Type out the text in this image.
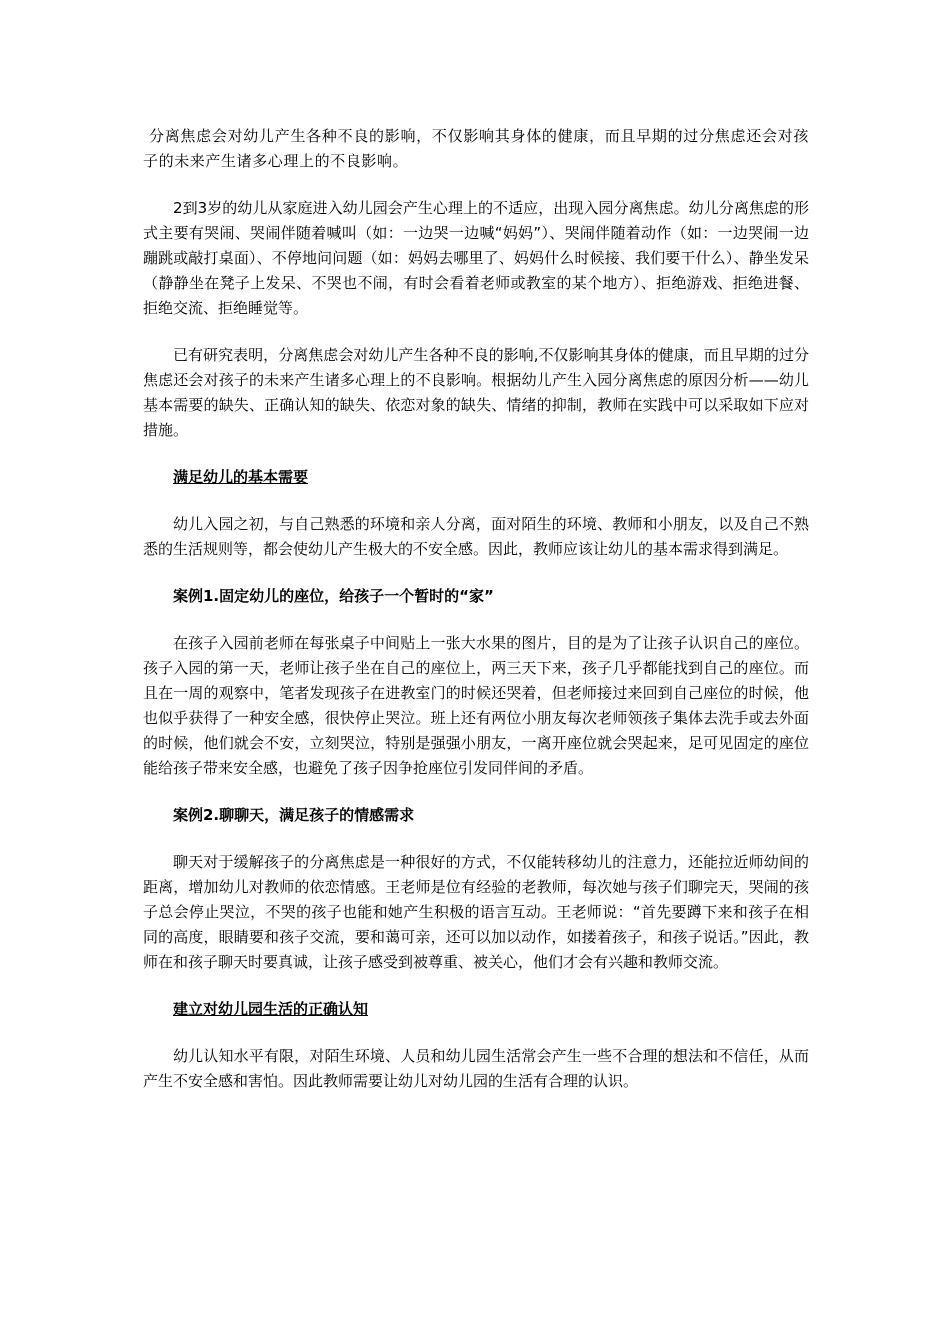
分离焦虑会对幼儿产生各种不良的影响，不仅影响其身体的健康，而且早期的过分焦虑还会对孩子的未来产生诸多心理上的不良影响。

2到3岁的幼儿从家庭进入幼儿园会产生心理上的不适应，出现入园分离焦虑。幼儿分离焦虑的形式主要有哭闹、哭闹伴随着喊叫（如：一边哭一边喊“妈妈”）、哭闹伴随着动作（如：一边哭闹一边蹦跳或敲打桌面）、不停地问问题（如：妈妈去哪里了、妈妈什么时候接、我们要干什么）、静坐发呆（静静坐在凳子上发呆、不哭也不闹，有时会看着老师或教室的某个地方）、拒绝游戏、拒绝进餐、拒绝交流、拒绝睡觉等。

已有研究表明，分离焦虑会对幼儿产生各种不良的影响,不仅影响其身体的健康，而且早期的过分焦虑还会对孩子的未来产生诸多心理上的不良影响。根据幼儿产生入园分离焦虑的原因分析——幼儿基本需要的缺失、正确认知的缺失、依恋对象的缺失、情绪的抑制，教师在实践中可以采取如下应对措施。

满足幼儿的基本需要

幼儿入园之初，与自己熟悉的环境和亲人分离，面对陌生的环境、教师和小朋友，以及自己不熟悉的生活规则等，都会使幼儿产生极大的不安全感。因此，教师应该让幼儿的基本需求得到满足。

案例1.固定幼儿的座位，给孩子一个暂时的“家”

在孩子入园前老师在每张桌子中间贴上一张大水果的图片，目的是为了让孩子认识自己的座位。孩子入园的第一天，老师让孩子坐在自己的座位上，两三天下来，孩子几乎都能找到自己的座位。而且在一周的观察中，笔者发现孩子在进教室门的时候还哭着，但老师接过来回到自己座位的时候，他也似乎获得了一种安全感，很快停止哭泣。班上还有两位小朋友每次老师领孩子集体去洗手或去外面的时候，他们就会不安，立刻哭泣，特别是强强小朋友，一离开座位就会哭起来，足可见固定的座位能给孩子带来安全感，也避免了孩子因争抢座位引发同伴间的矛盾。

案例2.聊聊天，满足孩子的情感需求

聊天对于缓解孩子的分离焦虑是一种很好的方式，不仅能转移幼儿的注意力，还能拉近师幼间的距离，增加幼儿对教师的依恋情感。王老师是位有经验的老教师，每次她与孩子们聊完天，哭闹的孩子总会停止哭泣，不哭的孩子也能和她产生积极的语言互动。王老师说：“首先要蹲下来和孩子在相同的高度，眼睛要和孩子交流，要和蔼可亲，还可以加以动作，如搂着孩子，和孩子说话。”因此，教师在和孩子聊天时要真诚，让孩子感受到被尊重、被关心，他们才会有兴趣和教师交流。

建立对幼儿园生活的正确认知

幼儿认知水平有限，对陌生环境、人员和幼儿园生活常会产生一些不合理的想法和不信任，从而产生不安全感和害怕。因此教师需要让幼儿对幼儿园的生活有合理的认识。
